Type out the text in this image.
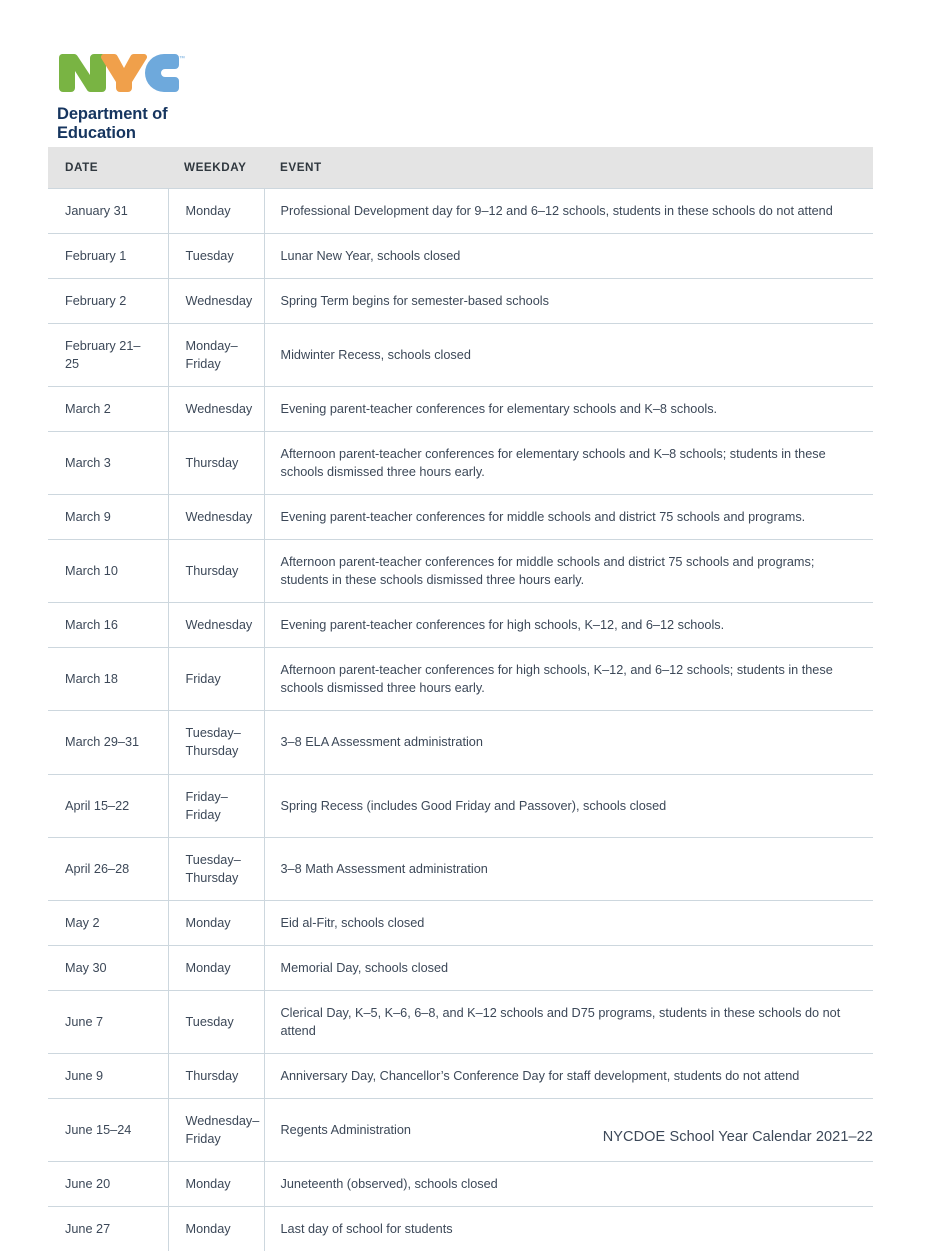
™
Department of
Education
DATE	WEEKDAY	EVENT
January 31	Monday	Professional Development day for 9–12 and 6–12 schools, students in these schools do not attend
February 1	Tuesday	Lunar New Year, schools closed
February 2	Wednesday	Spring Term begins for semester-based schools
February 21–25	Monday–Friday	Midwinter Recess, schools closed
March 2	Wednesday	Evening parent-teacher conferences for elementary schools and K–8 schools.
March 3	Thursday	Afternoon parent-teacher conferences for elementary schools and K–8 schools; students in these schools dismissed three hours early.
March 9	Wednesday	Evening parent-teacher conferences for middle schools and district 75 schools and programs.
March 10	Thursday	Afternoon parent-teacher conferences for middle schools and district 75 schools and programs; students in these schools dismissed three hours early.
March 16	Wednesday	Evening parent-teacher conferences for high schools, K–12, and 6–12 schools.
March 18	Friday	Afternoon parent-teacher conferences for high schools, K–12, and 6–12 schools; students in these schools dismissed three hours early.
March 29–31	Tuesday–Thursday	3–8 ELA Assessment administration
April 15–22	Friday–Friday	Spring Recess (includes Good Friday and Passover), schools closed
April 26–28	Tuesday–Thursday	3–8 Math Assessment administration
May 2	Monday	Eid al-Fitr, schools closed
May 30	Monday	Memorial Day, schools closed
June 7	Tuesday	Clerical Day, K–5, K–6, 6–8, and K–12 schools and D75 programs, students in these schools do not attend
June 9	Thursday	Anniversary Day, Chancellor’s Conference Day for staff development, students do not attend
June 15–24	Wednesday–Friday	Regents Administration
June 20	Monday	Juneteenth (observed), schools closed
June 27	Monday	Last day of school for students
NYCDOE School Year Calendar 2021–22
